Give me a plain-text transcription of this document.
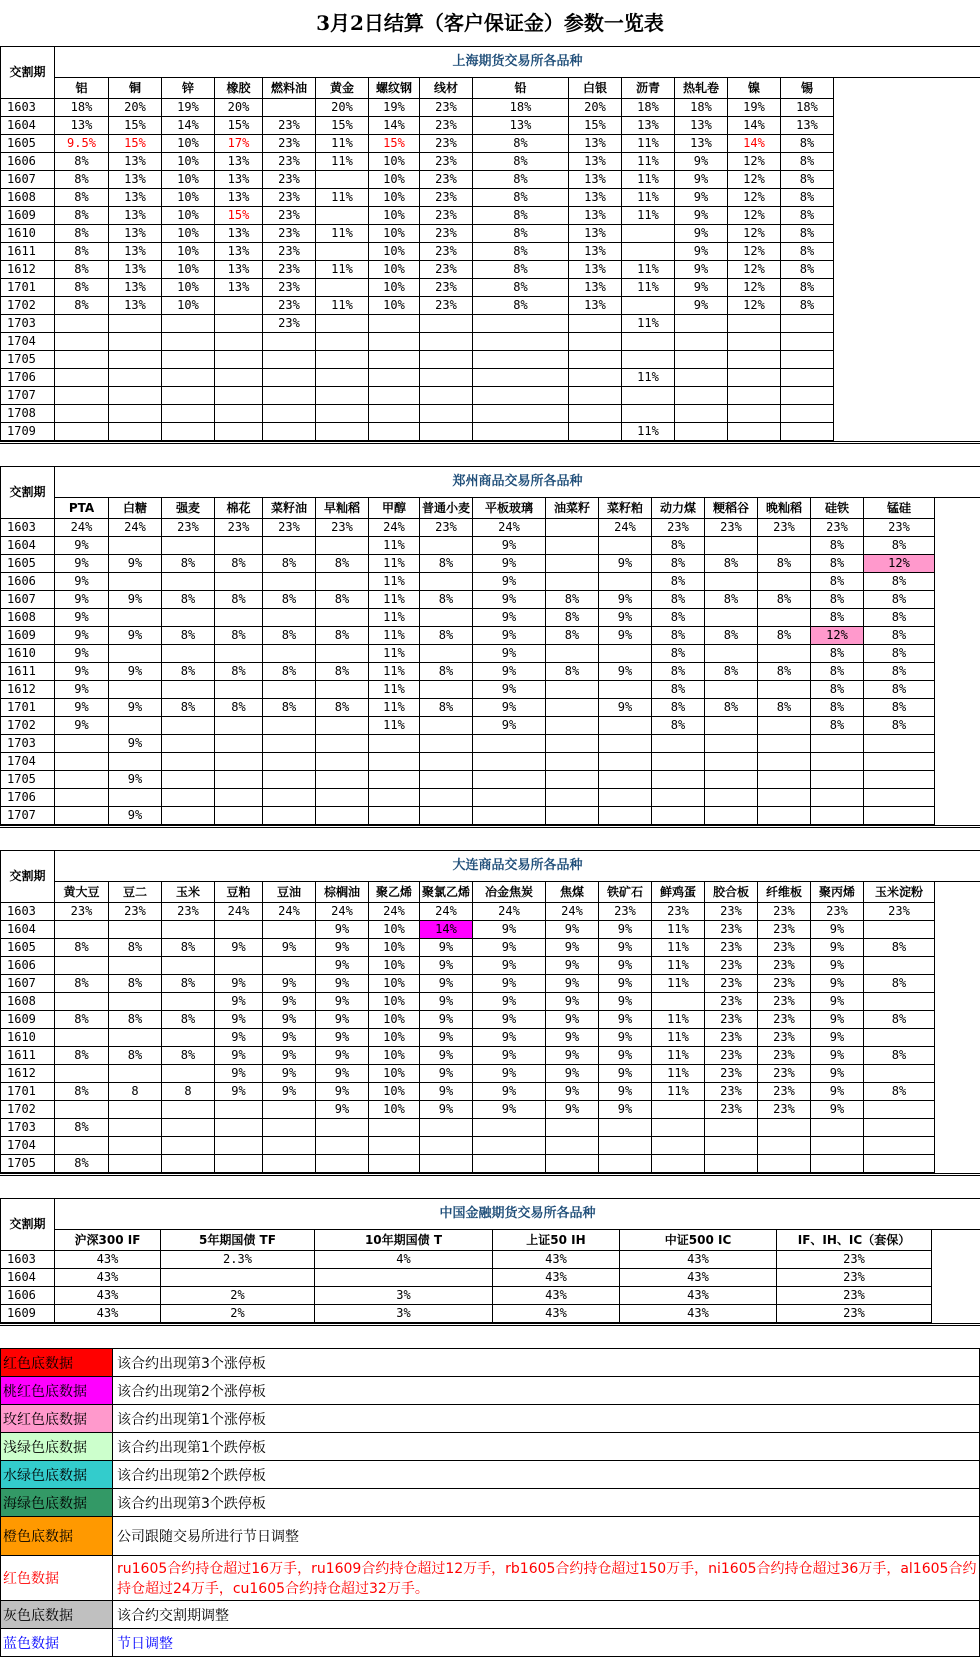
3月2日结算（客户保证金）参数一览表
交割期	上海期货交易所各品种														
	铝	铜	锌	橡胶	燃料油	黄金	螺纹钢	线材	铅	白银	沥青	热轧卷	镍	锡	
1603	18%	20%	19%	20%		20%	19%	23%	18%	20%	18%	18%	19%	18%	
1604	13%	15%	14%	15%	23%	15%	14%	23%	13%	15%	13%	13%	14%	13%	
1605	9.5%	15%	10%	17%	23%	11%	15%	23%	8%	13%	11%	13%	14%	8%	
1606	8%	13%	10%	13%	23%	11%	10%	23%	8%	13%	11%	9%	12%	8%	
1607	8%	13%	10%	13%	23%		10%	23%	8%	13%	11%	9%	12%	8%	
1608	8%	13%	10%	13%	23%	11%	10%	23%	8%	13%	11%	9%	12%	8%	
1609	8%	13%	10%	15%	23%		10%	23%	8%	13%	11%	9%	12%	8%	
1610	8%	13%	10%	13%	23%	11%	10%	23%	8%	13%		9%	12%	8%	
1611	8%	13%	10%	13%	23%		10%	23%	8%	13%		9%	12%	8%	
1612	8%	13%	10%	13%	23%	11%	10%	23%	8%	13%	11%	9%	12%	8%	
1701	8%	13%	10%	13%	23%		10%	23%	8%	13%	11%	9%	12%	8%	
1702	8%	13%	10%		23%	11%	10%	23%	8%	13%		9%	12%	8%	
1703					23%						11%				
1704															
1705															
1706											11%				
1707															
1708															
1709											11%				
交割期	郑州商品交易所各品种																
	PTA	白糖	强麦	棉花	菜籽油	早籼稻	甲醇	普通小麦	平板玻璃	油菜籽	菜籽粕	动力煤	粳稻谷	晚籼稻	硅铁	锰硅	
1603	24%	24%	23%	23%	23%	23%	24%	23%	24%		24%	23%	23%	23%	23%	23%	
1604	9%						11%		9%			8%			8%	8%	
1605	9%	9%	8%	8%	8%	8%	11%	8%	9%		9%	8%	8%	8%	8%	12%	
1606	9%						11%		9%			8%			8%	8%	
1607	9%	9%	8%	8%	8%	8%	11%	8%	9%	8%	9%	8%	8%	8%	8%	8%	
1608	9%						11%		9%	8%	9%	8%			8%	8%	
1609	9%	9%	8%	8%	8%	8%	11%	8%	9%	8%	9%	8%	8%	8%	12%	8%	
1610	9%						11%		9%			8%			8%	8%	
1611	9%	9%	8%	8%	8%	8%	11%	8%	9%	8%	9%	8%	8%	8%	8%	8%	
1612	9%						11%		9%			8%			8%	8%	
1701	9%	9%	8%	8%	8%	8%	11%	8%	9%		9%	8%	8%	8%	8%	8%	
1702	9%						11%		9%			8%			8%	8%	
1703		9%															
1704																	
1705		9%															
1706																	
1707		9%															
交割期	大连商品交易所各品种																
	黄大豆	豆二	玉米	豆粕	豆油	棕榈油	聚乙烯	聚氯乙烯	冶金焦炭	焦煤	铁矿石	鲜鸡蛋	胶合板	纤维板	聚丙烯	玉米淀粉	
1603	23%	23%	23%	24%	24%	24%	24%	24%	24%	24%	23%	23%	23%	23%	23%	23%	
1604						9%	10%	14%	9%	9%	9%	11%	23%	23%	9%		
1605	8%	8%	8%	9%	9%	9%	10%	9%	9%	9%	9%	11%	23%	23%	9%	8%	
1606						9%	10%	9%	9%	9%	9%	11%	23%	23%	9%		
1607	8%	8%	8%	9%	9%	9%	10%	9%	9%	9%	9%	11%	23%	23%	9%	8%	
1608				9%	9%	9%	10%	9%	9%	9%	9%		23%	23%	9%		
1609	8%	8%	8%	9%	9%	9%	10%	9%	9%	9%	9%	11%	23%	23%	9%	8%	
1610				9%	9%	9%	10%	9%	9%	9%	9%	11%	23%	23%	9%		
1611	8%	8%	8%	9%	9%	9%	10%	9%	9%	9%	9%	11%	23%	23%	9%	8%	
1612				9%	9%	9%	10%	9%	9%	9%	9%	11%	23%	23%	9%		
1701	8%	8	8	9%	9%	9%	10%	9%	9%	9%	9%	11%	23%	23%	9%	8%	
1702						9%	10%	9%	9%	9%	9%		23%	23%	9%		
1703	8%																
1704																	
1705	8%																
交割期	中国金融期货交易所各品种						
	沪深300 IF	5年期国债 TF	10年期国债 T	上证50 IH	中证500 IC	IF、IH、IC（套保）	
1603	43%	2.3%	4%	43%	43%	23%	
1604	43%			43%	43%	23%	
1606	43%	2%	3%	43%	43%	23%	
1609	43%	2%	3%	43%	43%	23%	
红色底数据	该合约出现第3个涨停板
桃红色底数据	该合约出现第2个涨停板
玫红色底数据	该合约出现第1个涨停板
浅绿色底数据	该合约出现第1个跌停板
水绿色底数据	该合约出现第2个跌停板
海绿色底数据	该合约出现第3个跌停板
橙色底数据	公司跟随交易所进行节日调整
红色数据	ru1605合约持仓超过16万手，ru1609合约持仓超过12万手，rb1605合约持仓超过150万手，ni1605合约持仓超过36万手，al1605合约持仓超过24万手，cu1605合约持仓超过32万手。
灰色底数据	该合约交割期调整
蓝色数据	节日调整
